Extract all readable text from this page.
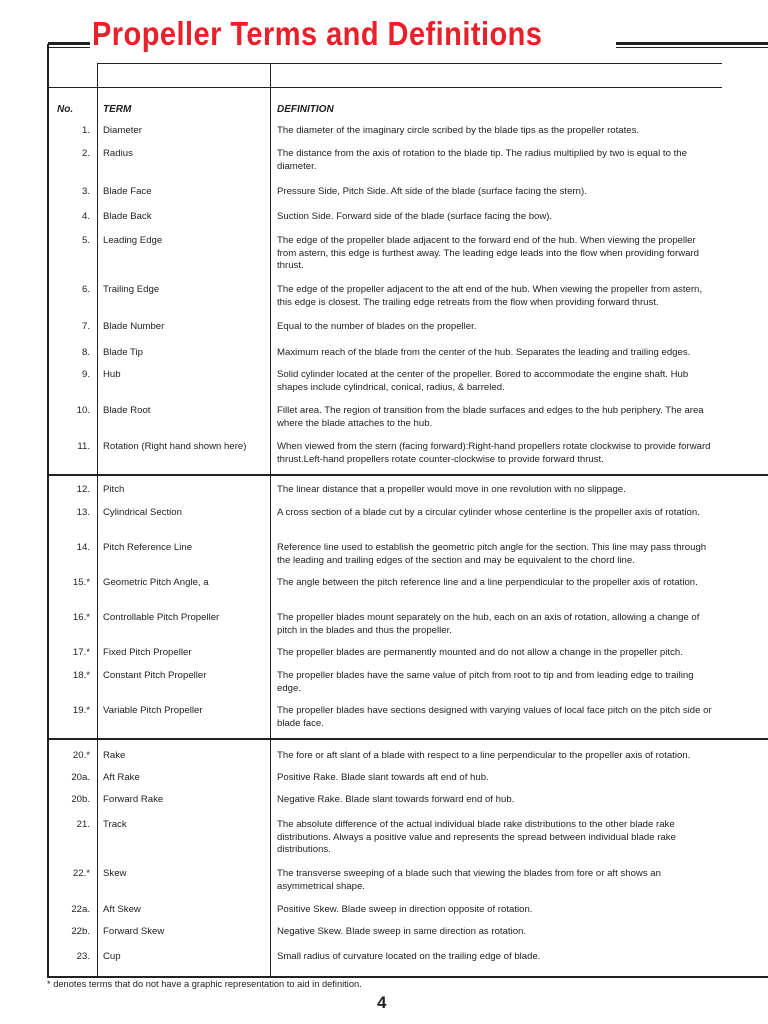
Propeller Terms and Definitions
No.	TERM	DEFINITION
1. Diameter	The diameter of the imaginary circle scribed by the blade tips as the propeller rotates.
2. Radius	The distance from the axis of rotation to the blade tip. The radius multiplied by two is equal to the diameter.
3. Blade Face	Pressure Side, Pitch Side. Aft side of the blade (surface facing the stern).
4. Blade Back	Suction Side. Forward side of the blade (surface facing the bow).
5. Leading Edge	The edge of the propeller blade adjacent to the forward end of the hub. When viewing the propeller from astern, this edge is furthest away. The leading edge leads into the flow when providing forward thrust.
6. Trailing Edge	The edge of the propeller adjacent to the aft end of the hub. When viewing the propeller from astern, this edge is closest. The trailing edge retreats from the flow when providing forward thrust.
7. Blade Number	Equal to the number of blades on the propeller.
8. Blade Tip	Maximum reach of the blade from the center of the hub. Separates the leading and trailing edges.
9. Hub	Solid cylinder located at the center of the propeller. Bored to accommodate the engine shaft. Hub shapes include cylindrical, conical, radius, & barreled.
10. Blade Root	Fillet area. The region of transition from the blade surfaces and edges to the hub periphery. The area where the blade attaches to the hub.
11. Rotation (Right hand shown here)	When viewed from the stern (facing forward):Right-hand propellers rotate clockwise to provide forward thrust.Left-hand propellers rotate counter-clockwise to provide forward thrust.
12. Pitch	The linear distance that a propeller would move in one revolution with no slippage.
13. Cylindrical Section	A cross section of a blade cut by a circular cylinder whose centerline is the propeller axis of rotation.
14. Pitch Reference Line	Reference line used to establish the geometric pitch angle for the section. This line may pass through the leading and trailing edges of the section and may be equivalent to the chord line.
15.* Geometric Pitch Angle, a	The angle between the pitch reference line and a line perpendicular to the propeller axis of rotation.
16.* Controllable Pitch Propeller	The propeller blades mount separately on the hub, each on an axis of rotation, allowing a change of pitch in the blades and thus the propeller.
17.* Fixed Pitch Propeller	The propeller blades are permanently mounted and do not allow a change in the propeller pitch.
18.* Constant Pitch Propeller	The propeller blades have the same value of pitch from root to tip and from leading edge to trailing edge.
19.* Variable Pitch Propeller	The propeller blades have sections designed with varying values of local face pitch on the pitch side or blade face.
20.* Rake	The fore or aft slant of a blade with respect to a line perpendicular to the propeller axis of rotation.
20a. Aft Rake	Positive Rake. Blade slant towards aft end of hub.
20b. Forward Rake	Negative Rake. Blade slant towards forward end of hub.
21. Track	The absolute difference of the actual individual blade rake distributions to the other blade rake distributions. Always a positive value and represents the spread between individual blade rake distributions.
22.* Skew	The transverse sweeping of a blade such that viewing the blades from fore or aft shows an asymmetrical shape.
22a. Aft Skew	Positive Skew. Blade sweep in direction opposite of rotation.
22b. Forward Skew	Negative Skew. Blade sweep in same direction as rotation.
23. Cup	Small radius of curvature located on the trailing edge of blade.
* denotes terms that do not have a graphic representation to aid in definition.
4
